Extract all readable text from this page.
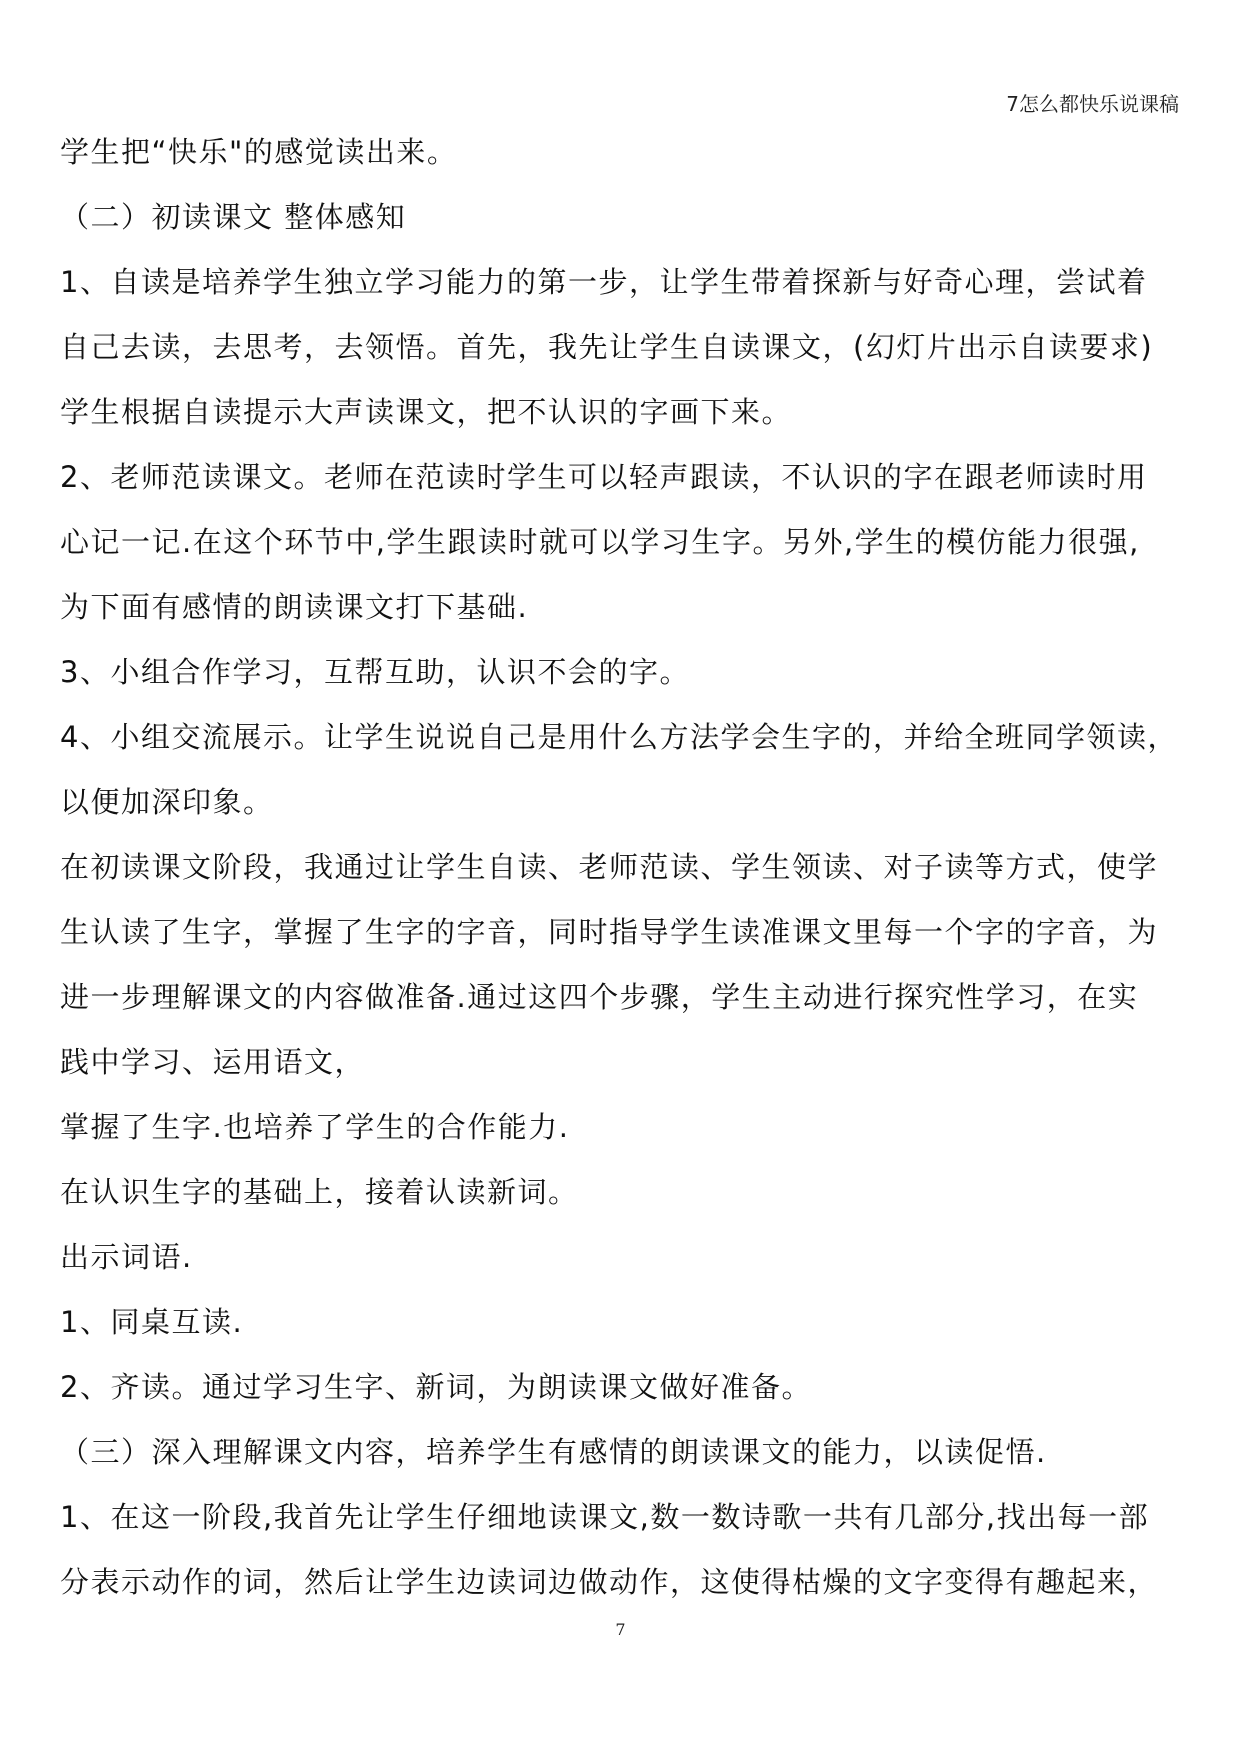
7怎么都快乐说课稿
学生把“快乐"的感觉读出来。
（二）初读课文 整体感知
1、自读是培养学生独立学习能力的第一步，让学生带着探新与好奇心理，尝试着
自己去读，去思考，去领悟。首先，我先让学生自读课文，(幻灯片出示自读要求)
学生根据自读提示大声读课文，把不认识的字画下来。
2、老师范读课文。老师在范读时学生可以轻声跟读，不认识的字在跟老师读时用
心记一记.在这个环节中,学生跟读时就可以学习生字。另外,学生的模仿能力很强,
为下面有感情的朗读课文打下基础.
3、小组合作学习，互帮互助，认识不会的字。
4、小组交流展示。让学生说说自己是用什么方法学会生字的，并给全班同学领读，
以便加深印象。
在初读课文阶段，我通过让学生自读、老师范读、学生领读、对子读等方式，使学
生认读了生字，掌握了生字的字音，同时指导学生读准课文里每一个字的字音，为
进一步理解课文的内容做准备.通过这四个步骤，学生主动进行探究性学习，在实
践中学习、运用语文，
掌握了生字.也培养了学生的合作能力.
在认识生字的基础上，接着认读新词。
出示词语.
1、同桌互读.
2、齐读。通过学习生字、新词，为朗读课文做好准备。
（三）深入理解课文内容，培养学生有感情的朗读课文的能力，以读促悟.
1、在这一阶段,我首先让学生仔细地读课文,数一数诗歌一共有几部分,找出每一部
分表示动作的词，然后让学生边读词边做动作，这使得枯燥的文字变得有趣起来，
7
